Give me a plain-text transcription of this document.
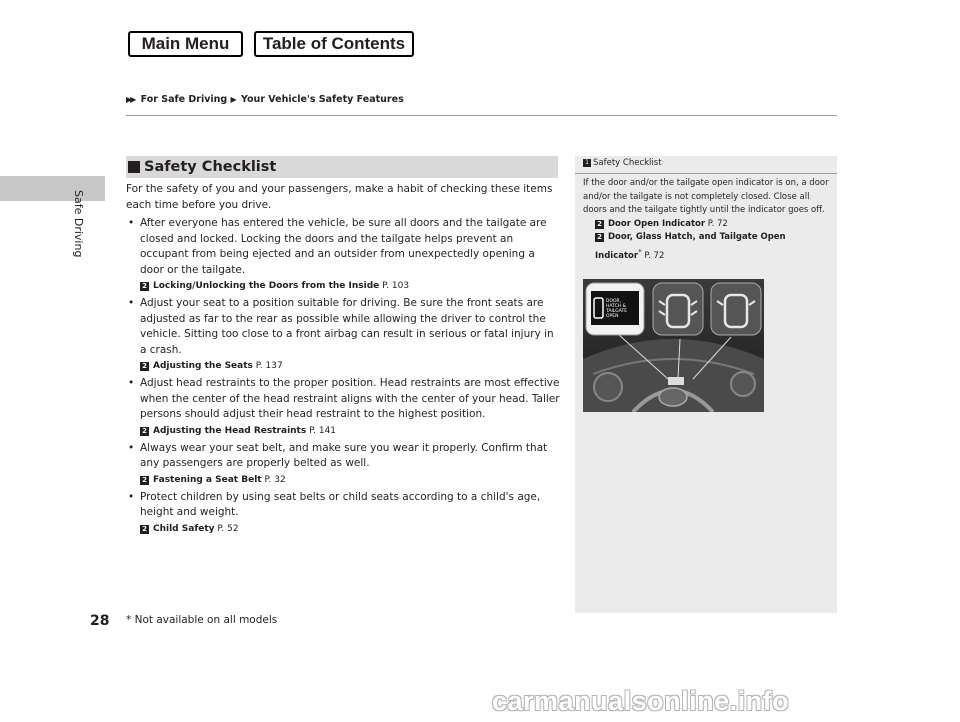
Main Menu	Table of Contents
▶▶ For Safe Driving ▶ Your Vehicle's Safety Features
Safe Driving
Safety Checklist

For the safety of you and your passengers, make a habit of checking these items each time before you drive.

• After everyone has entered the vehicle, be sure all doors and the tailgate are closed and locked. Locking the doors and the tailgate helps prevent an occupant from being ejected and an outsider from unexpectedly opening a door or the tailgate.
2 Locking/Unlocking the Doors from the Inside P. 103
• Adjust your seat to a position suitable for driving. Be sure the front seats are adjusted as far to the rear as possible while allowing the driver to control the vehicle. Sitting too close to a front airbag can result in serious or fatal injury in a crash.
2 Adjusting the Seats P. 137
• Adjust head restraints to the proper position. Head restraints are most effective when the center of the head restraint aligns with the center of your head. Taller persons should adjust their head restraint to the highest position.
2 Adjusting the Head Restraints P. 141
• Always wear your seat belt, and make sure you wear it properly. Confirm that any passengers are properly belted as well.
2 Fastening a Seat Belt P. 32
• Protect children by using seat belts or child seats according to a child's age, height and weight.
2 Child Safety P. 52
1 Safety Checklist
If the door and/or the tailgate open indicator is on, a door and/or the tailgate is not completely closed. Close all doors and the tailgate tightly until the indicator goes off.
2 Door Open Indicator P. 72
2 Door, Glass Hatch, and Tailgate Open Indicator* P. 72
DOOR,
HATCH &
TAILGATE
OPEN
28 * Not available on all models
carmanualsonline.info
